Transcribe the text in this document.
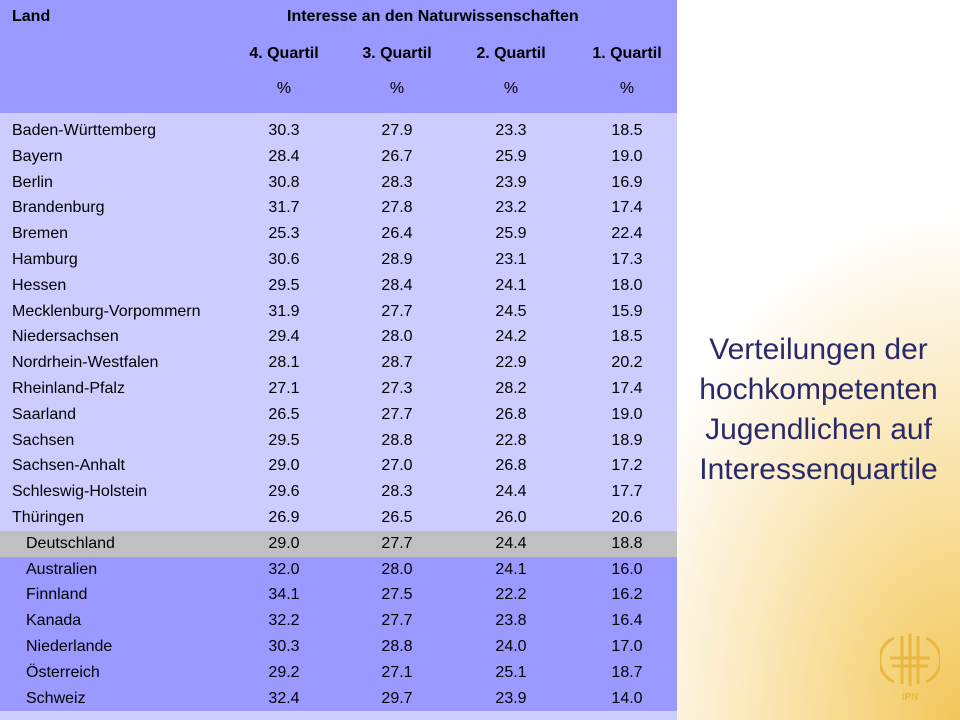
Land	Interesse an den Naturwissenschaften
4. Quartil	3. Quartil	2. Quartil	1. Quartil
%	%	%	%
Baden-Württemberg	30.3	27.9	23.3	18.5
Bayern	28.4	26.7	25.9	19.0
Berlin	30.8	28.3	23.9	16.9
Brandenburg	31.7	27.8	23.2	17.4
Bremen	25.3	26.4	25.9	22.4
Hamburg	30.6	28.9	23.1	17.3
Hessen	29.5	28.4	24.1	18.0
Mecklenburg-Vorpommern	31.9	27.7	24.5	15.9
Niedersachsen	29.4	28.0	24.2	18.5
Nordrhein-Westfalen	28.1	28.7	22.9	20.2
Rheinland-Pfalz	27.1	27.3	28.2	17.4
Saarland	26.5	27.7	26.8	19.0
Sachsen	29.5	28.8	22.8	18.9
Sachsen-Anhalt	29.0	27.0	26.8	17.2
Schleswig-Holstein	29.6	28.3	24.4	17.7
Thüringen	26.9	26.5	26.0	20.6
Deutschland	29.0	27.7	24.4	18.8
Australien	32.0	28.0	24.1	16.0
Finnland	34.1	27.5	22.2	16.2
Kanada	32.2	27.7	23.8	16.4
Niederlande	30.3	28.8	24.0	17.0
Österreich	29.2	27.1	25.1	18.7
Schweiz	32.4	29.7	23.9	14.0
Verteilungen der
hochkompetenten
Jugendlichen auf
Interessenquartile
IPN
